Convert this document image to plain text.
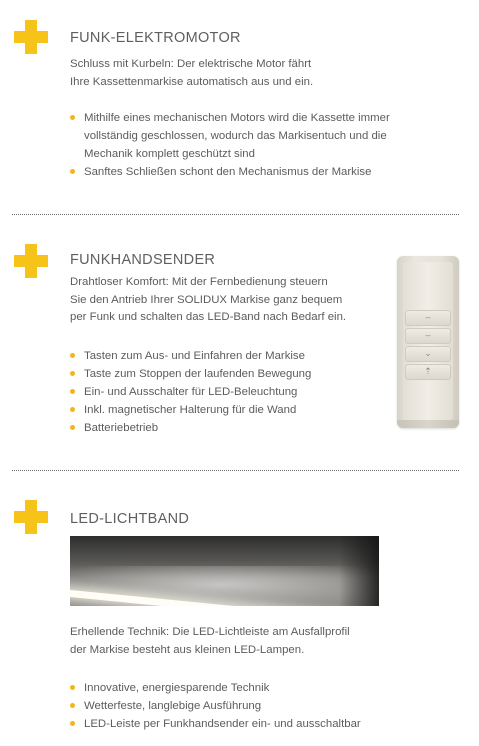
FUNK-ELEKTROMOTOR
Schluss mit Kurbeln: Der elektrische Motor fährt
Ihre Kassettenmarkise automatisch aus und ein.
Mithilfe eines mechanischen Motors wird die Kassette immer
vollständig geschlossen, wodurch das Markisentuch und die
Mechanik komplett geschützt sind
Sanftes Schließen schont den Mechanismus der Markise
FUNKHANDSENDER
Drahtloser Komfort: Mit der Fernbedienung steuern
Sie den Antrieb Ihrer SOLIDUX Markise ganz bequem
per Funk und schalten das LED-Band nach Bedarf ein.
Tasten zum Aus- und Einfahren der Markise
Taste zum Stoppen der laufenden Bewegung
Ein- und Ausschalter für LED-Beleuchtung
Inkl. magnetischer Halterung für die Wand
Batteriebetrieb
–
–
⌄
⇡
LED-LICHTBAND
Erhellende Technik: Die LED-Lichtleiste am Ausfallprofil
der Markise besteht aus kleinen LED-Lampen.
Innovative, energiesparende Technik
Wetterfeste, langlebige Ausführung
LED-Leiste per Funkhandsender ein- und ausschaltbar
